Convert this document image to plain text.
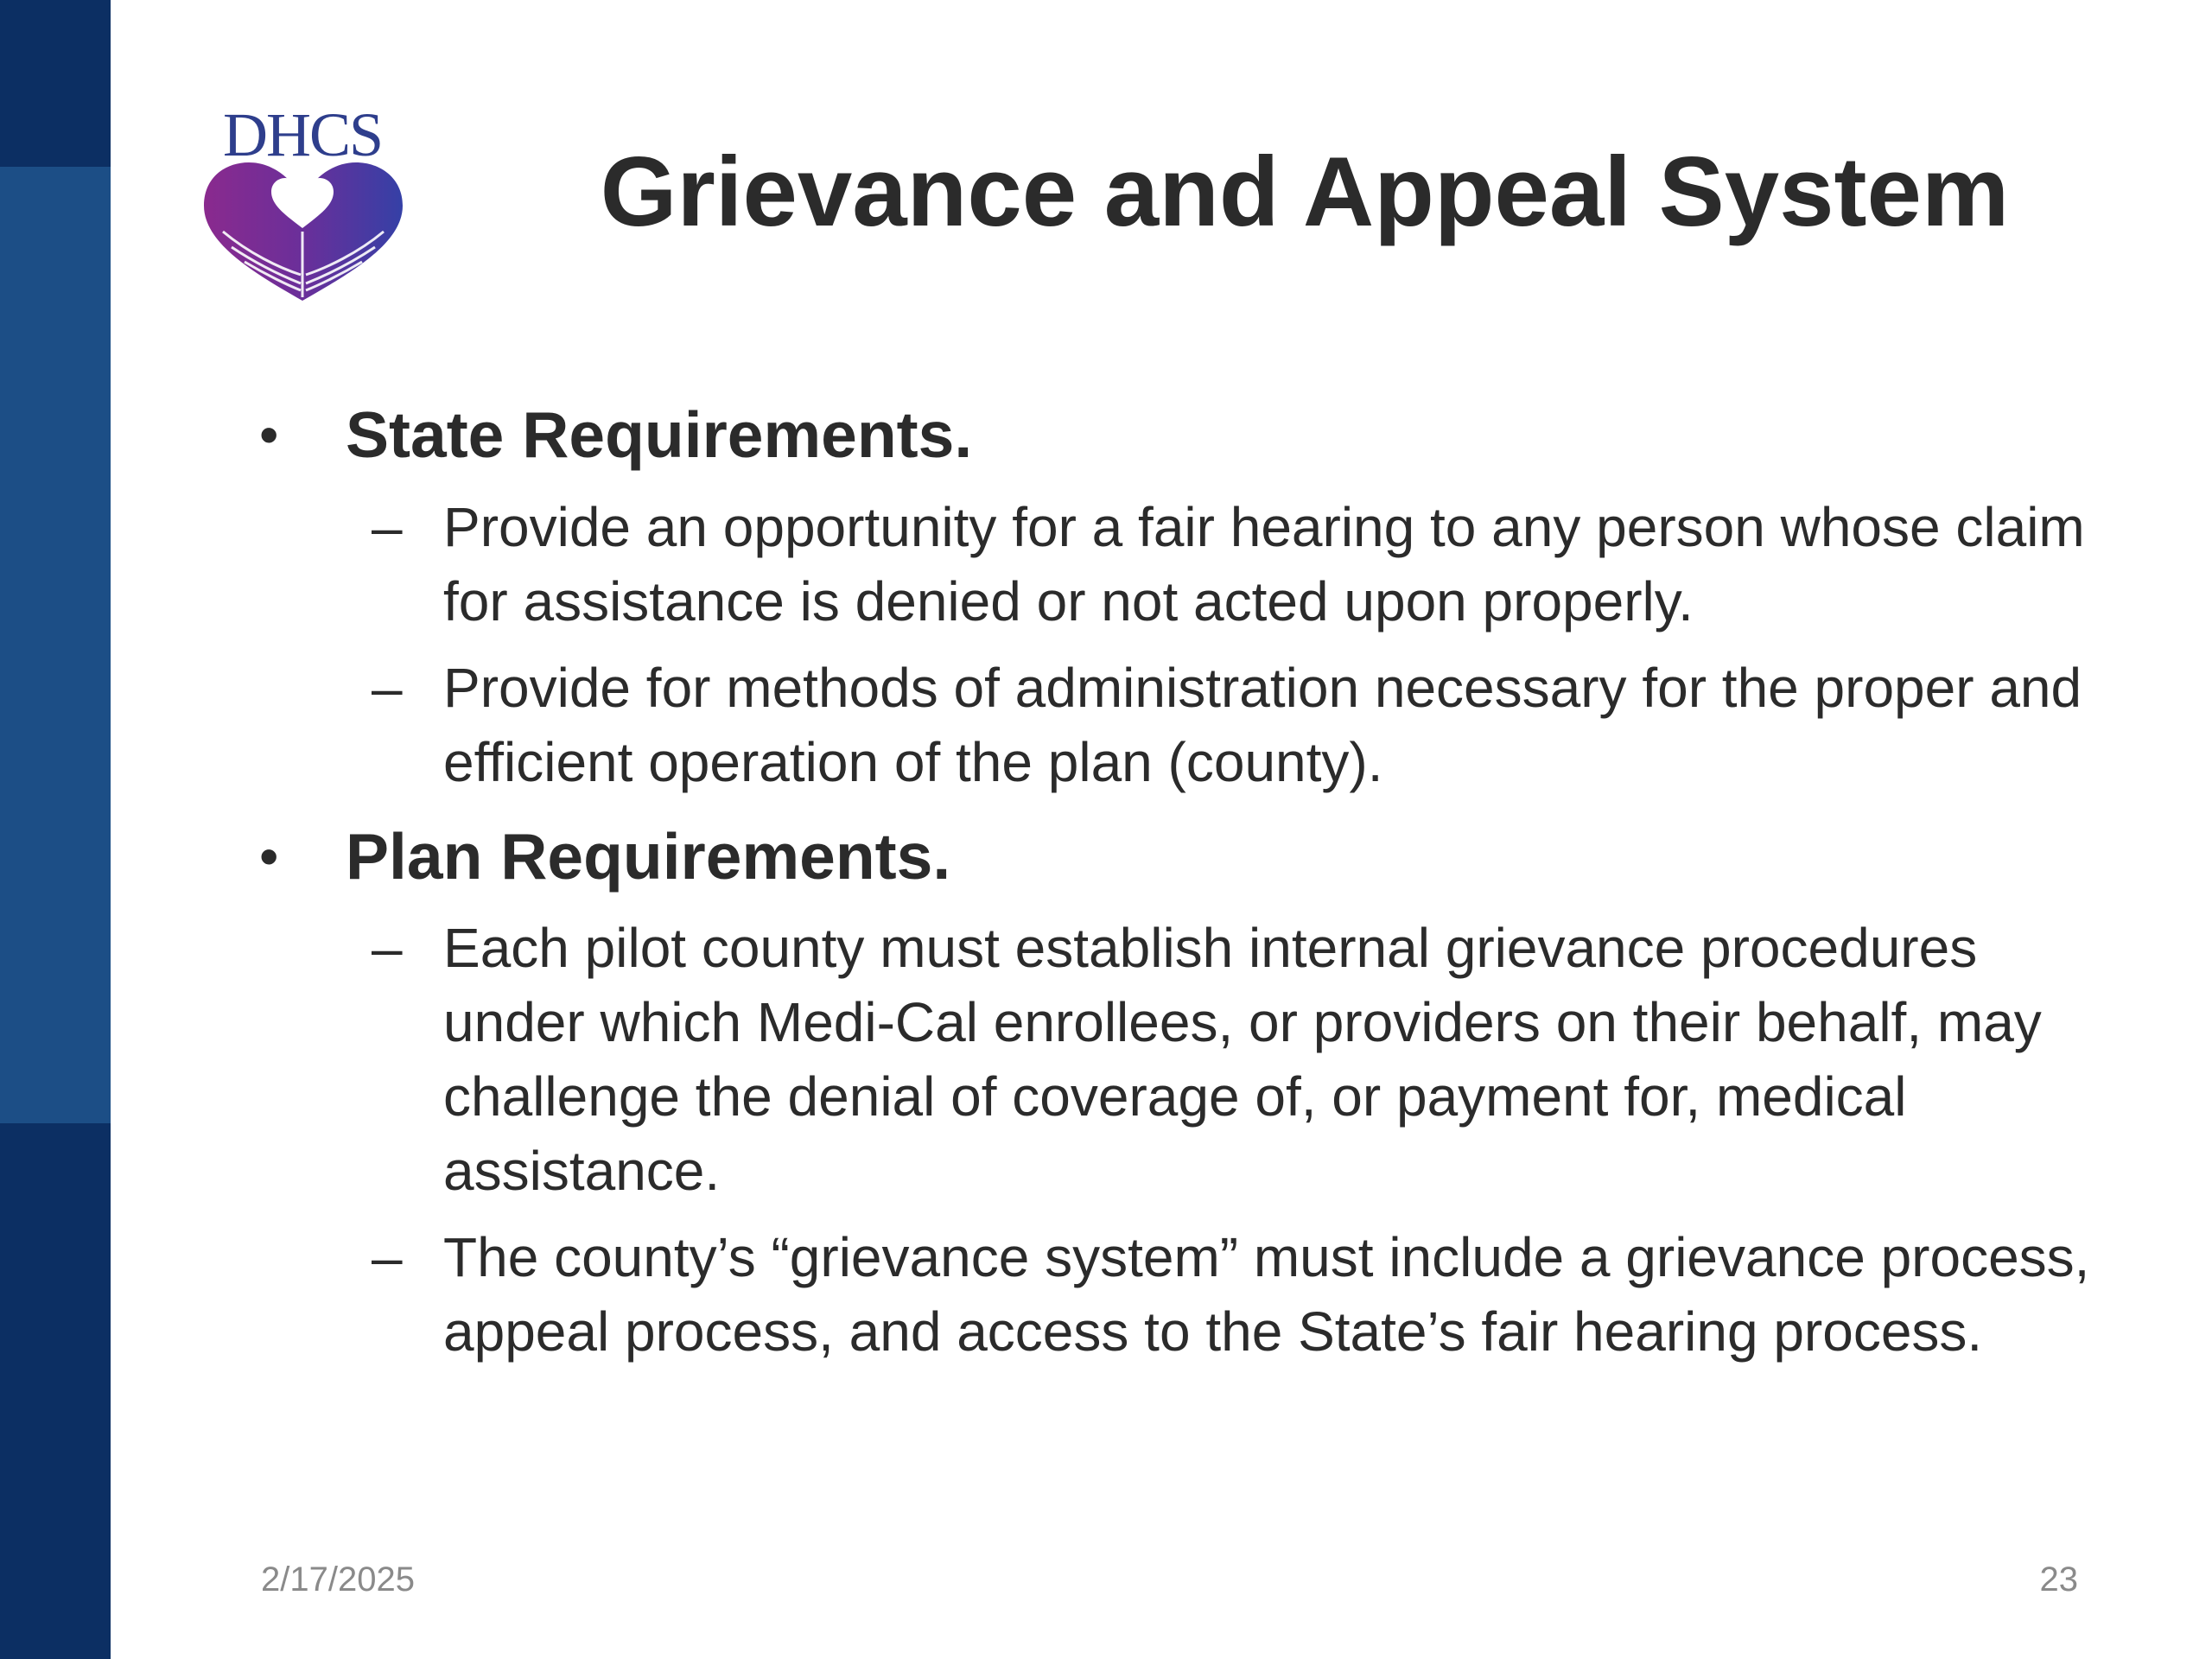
DHCS
Grievance and Appeal System
• State Requirements.
– Provide an opportunity for a fair hearing to any person whose claim for assistance is denied or not acted upon properly.
– Provide for methods of administration necessary for the proper and efficient operation of the plan (county).
• Plan Requirements.
– Each pilot county must establish internal grievance procedures under which Medi-Cal enrollees, or providers on their behalf, may challenge the denial of coverage of, or payment for, medical assistance.
– The county’s “grievance system” must include a grievance process, appeal process, and access to the State’s fair hearing process.
2/17/2025	23
